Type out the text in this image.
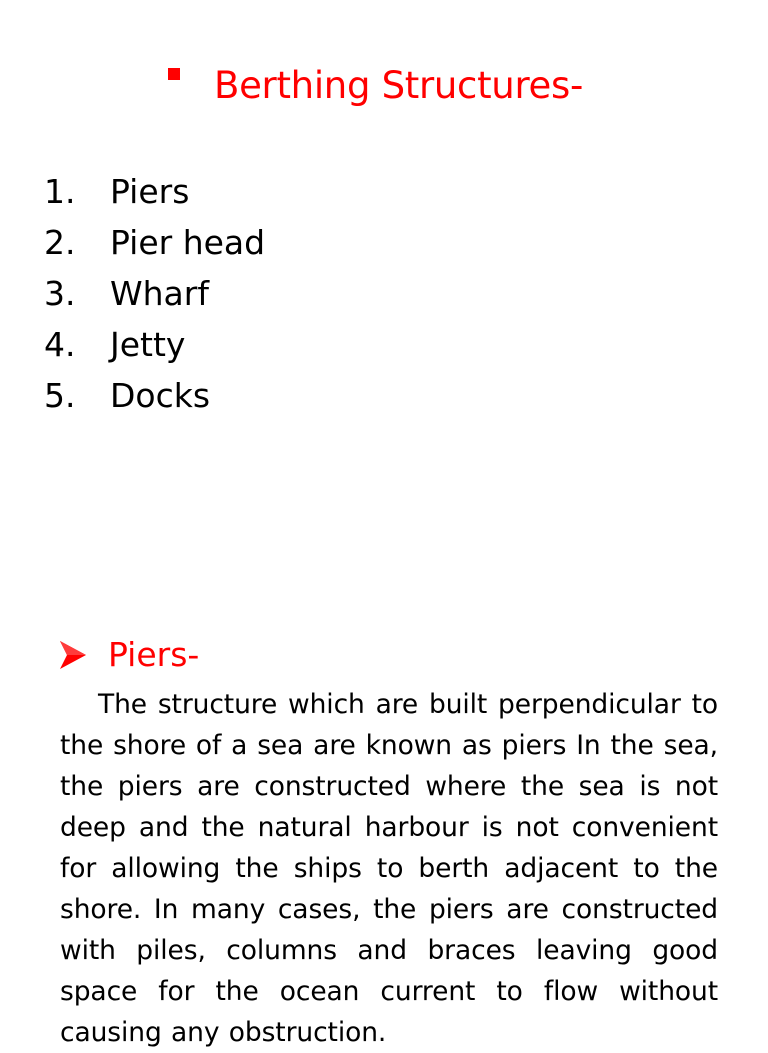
Berthing Structures-
1.	Piers
2.	Pier head
3.	Wharf
4.	Jetty
5.	Docks
Piers-

The structure which are built perpendicular to the shore of a sea are known as piers In the sea, the piers are constructed where the sea is not deep and the natural harbour is not convenient for allowing the ships to berth adjacent to the shore. In many cases, the piers are constructed with piles, columns and braces leaving good space for the ocean current to flow without causing any obstruction.
